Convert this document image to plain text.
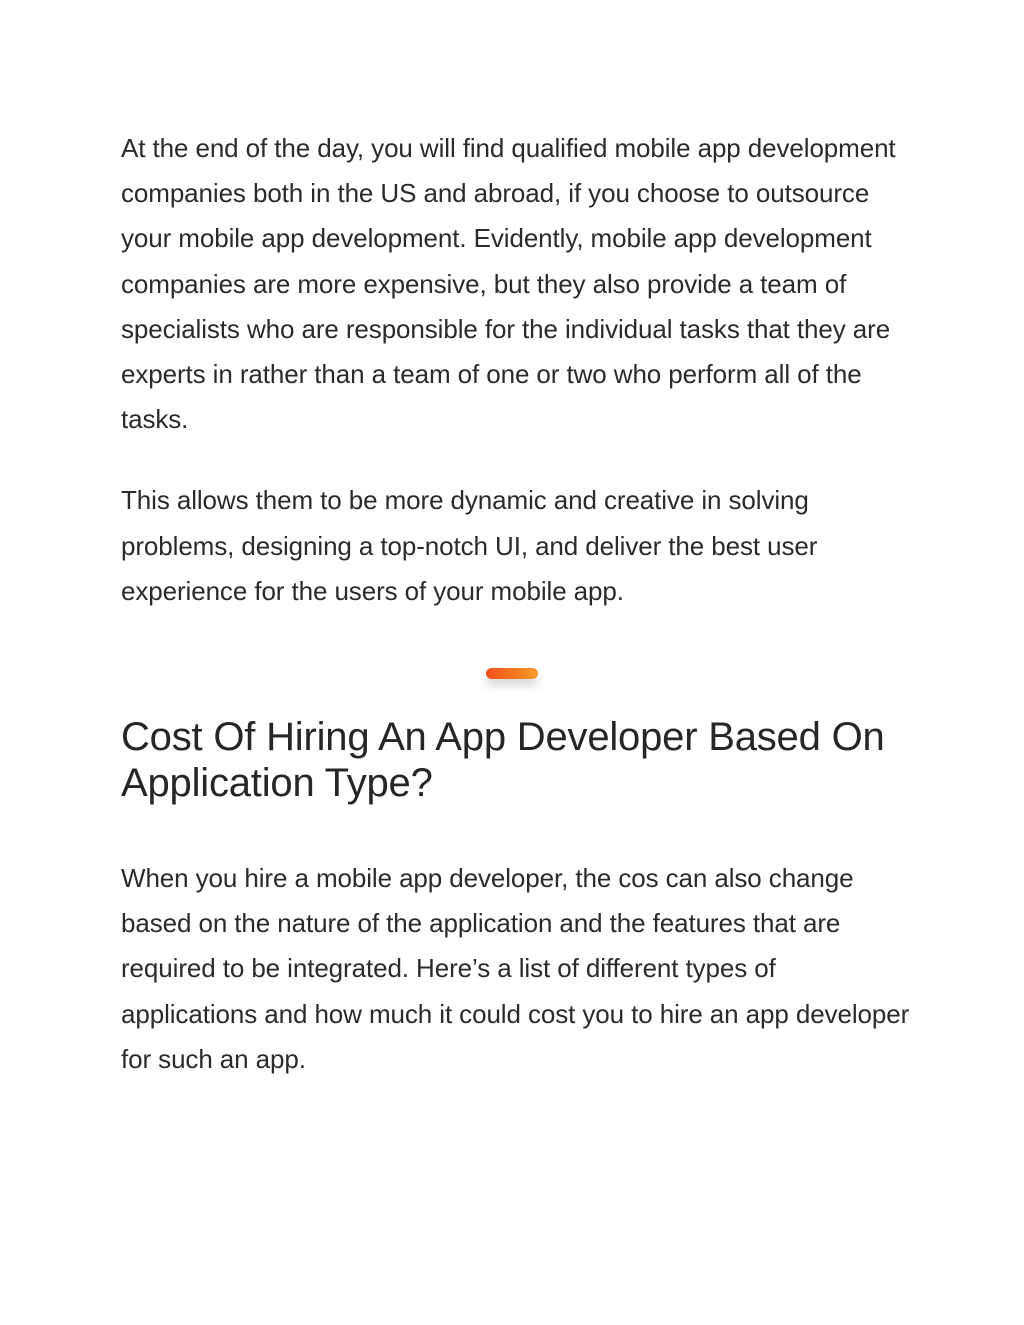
At the end of the day, you will find qualified mobile app development companies both in the US and abroad, if you choose to outsource your mobile app development. Evidently, mobile app development companies are more expensive, but they also provide a team of specialists who are responsible for the individual tasks that they are experts in rather than a team of one or two who perform all of the tasks.

This allows them to be more dynamic and creative in solving problems, designing a top-notch UI, and deliver the best user experience for the users of your mobile app.

Cost Of Hiring An App Developer Based On Application Type?

When you hire a mobile app developer, the cos can also change based on the nature of the application and the features that are required to be integrated. Here’s a list of different types of applications and how much it could cost you to hire an app developer for such an app.
